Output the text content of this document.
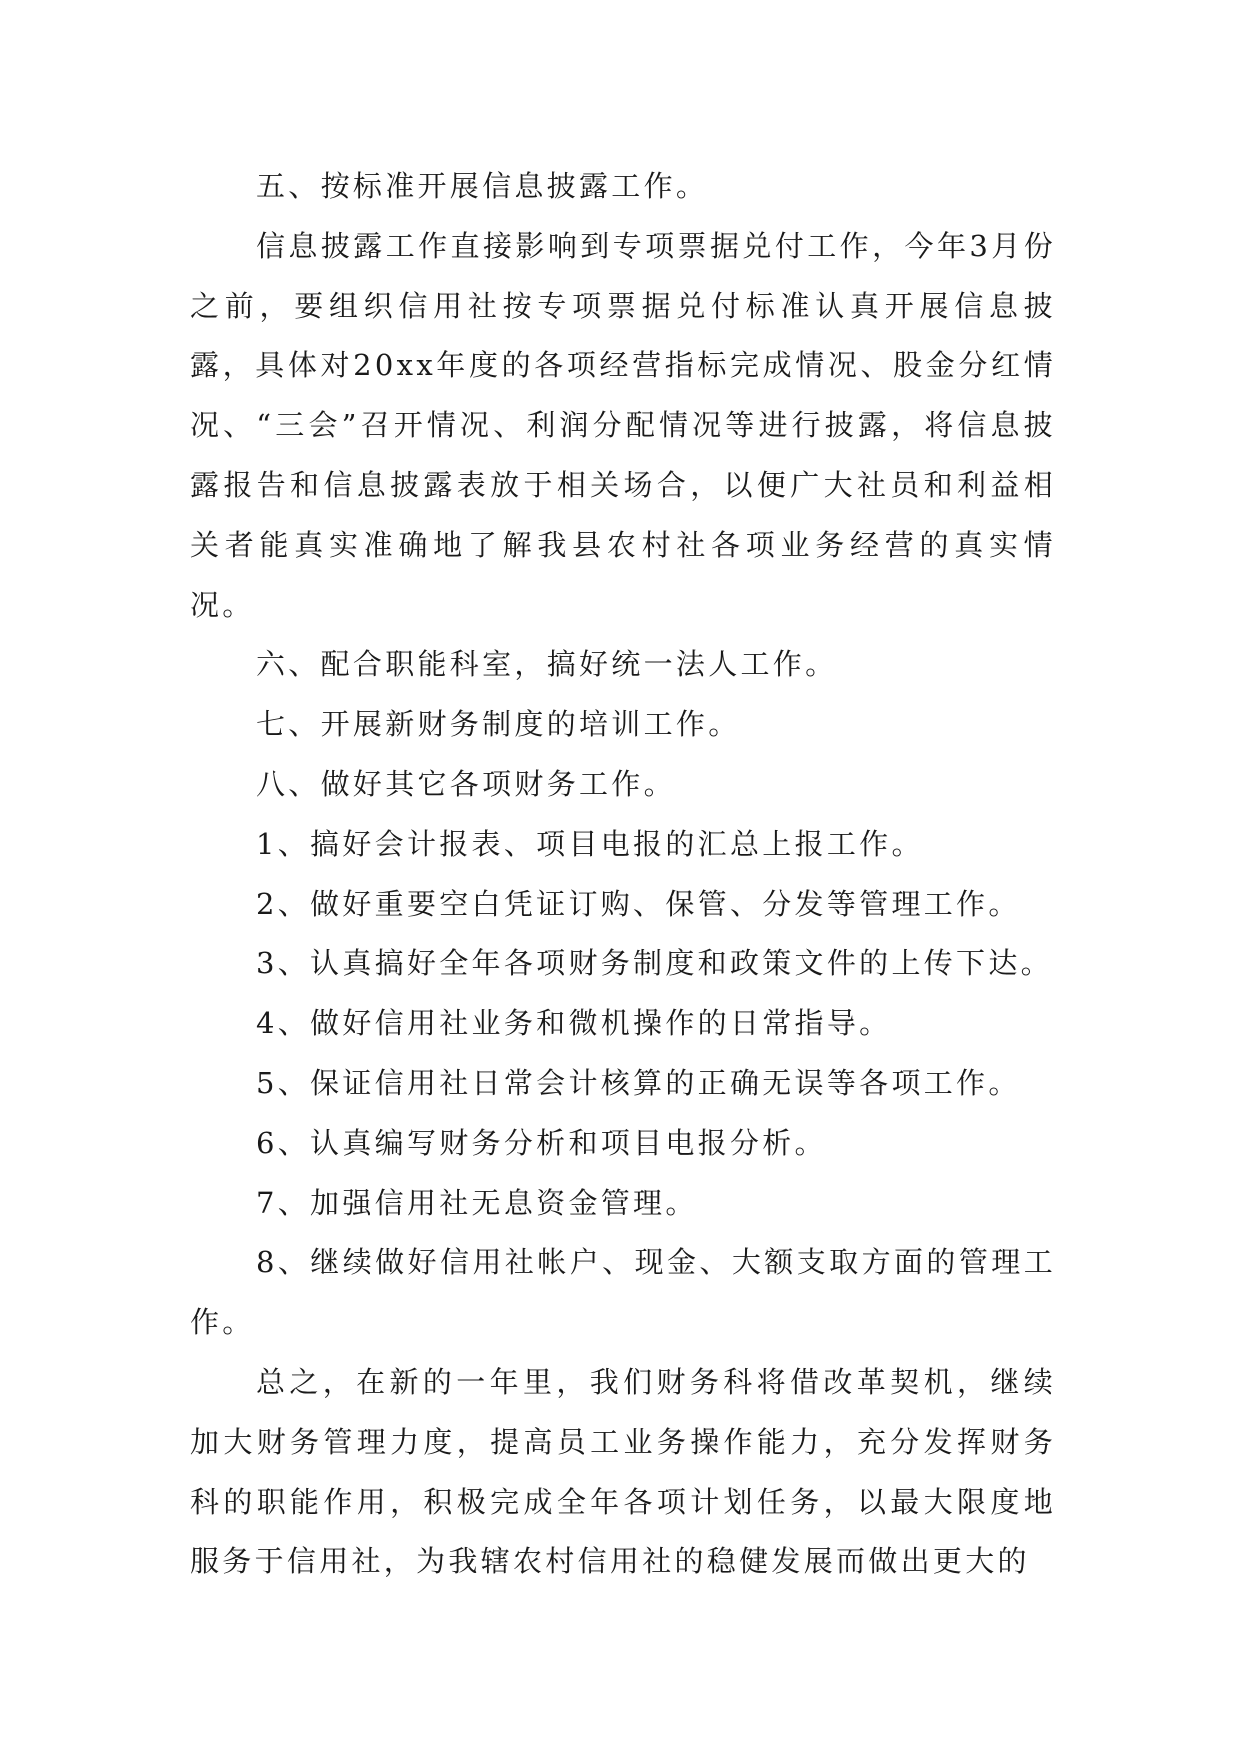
五、按标准开展信息披露工作。

信息披露工作直接影响到专项票据兑付工作，今年3月份之前，要组织信用社按专项票据兑付标准认真开展信息披露，具体对20xx年度的各项经营指标完成情况、股金分红情况、“三会”召开情况、利润分配情况等进行披露，将信息披露报告和信息披露表放于相关场合，以便广大社员和利益相关者能真实准确地了解我县农村社各项业务经营的真实情况。

六、配合职能科室，搞好统一法人工作。

七、开展新财务制度的培训工作。

八、做好其它各项财务工作。

1、搞好会计报表、项目电报的汇总上报工作。

2、做好重要空白凭证订购、保管、分发等管理工作。

3、认真搞好全年各项财务制度和政策文件的上传下达。

4、做好信用社业务和微机操作的日常指导。

5、保证信用社日常会计核算的正确无误等各项工作。

6、认真编写财务分析和项目电报分析。

7、加强信用社无息资金管理。

8、继续做好信用社帐户、现金、大额支取方面的管理工作。

总之，在新的一年里，我们财务科将借改革契机，继续加大财务管理力度，提高员工业务操作能力，充分发挥财务科的职能作用，积极完成全年各项计划任务，以最大限度地服务于信用社，为我辖农村信用社的稳健发展而做出更大的
